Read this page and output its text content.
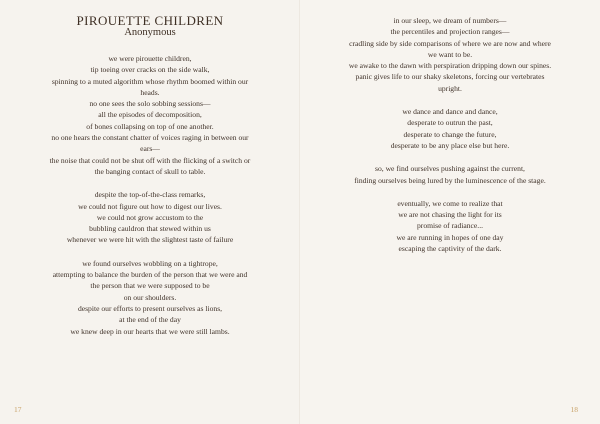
PIROUETTE CHILDREN
Anonymous
we were pirouette children,
tip toeing over cracks on the side walk,
spinning to a muted algorithm whose rhythm boomed within our
heads.
no one sees the solo sobbing sessions—
all the episodes of decomposition,
of bones collapsing on top of one another.
no one hears the constant chatter of voices raging in between our
ears—
the noise that could not be shut off with the flicking of a switch or
the banging contact of skull to table.
despite the top-of-the-class remarks,
we could not figure out how to digest our lives.
we could not grow accustom to the
bubbling cauldron that stewed within us
whenever we were hit with the slightest taste of failure
we found ourselves wobbling on a tightrope,
attempting to balance the burden of the person that we were and
the person that we were supposed to be
on our shoulders.
despite our efforts to present ourselves as lions,
at the end of the day
we knew deep in our hearts that we were still lambs.
17
in our sleep, we dream of numbers—
the percentiles and projection ranges—
cradling side by side comparisons of where we are now and where
we want to be.
we awake to the dawn with perspiration dripping down our spines.
panic gives life to our shaky skeletons, forcing our vertebrates
upright.
we dance and dance and dance,
desperate to outrun the past,
desperate to change the future,
desperate to be any place else but here.
so, we find ourselves pushing against the current,
finding ourselves being lured by the luminescence of the stage.
eventually, we come to realize that
we are not chasing the light for its
promise of radiance...
we are running in hopes of one day
escaping the captivity of the dark.
18
